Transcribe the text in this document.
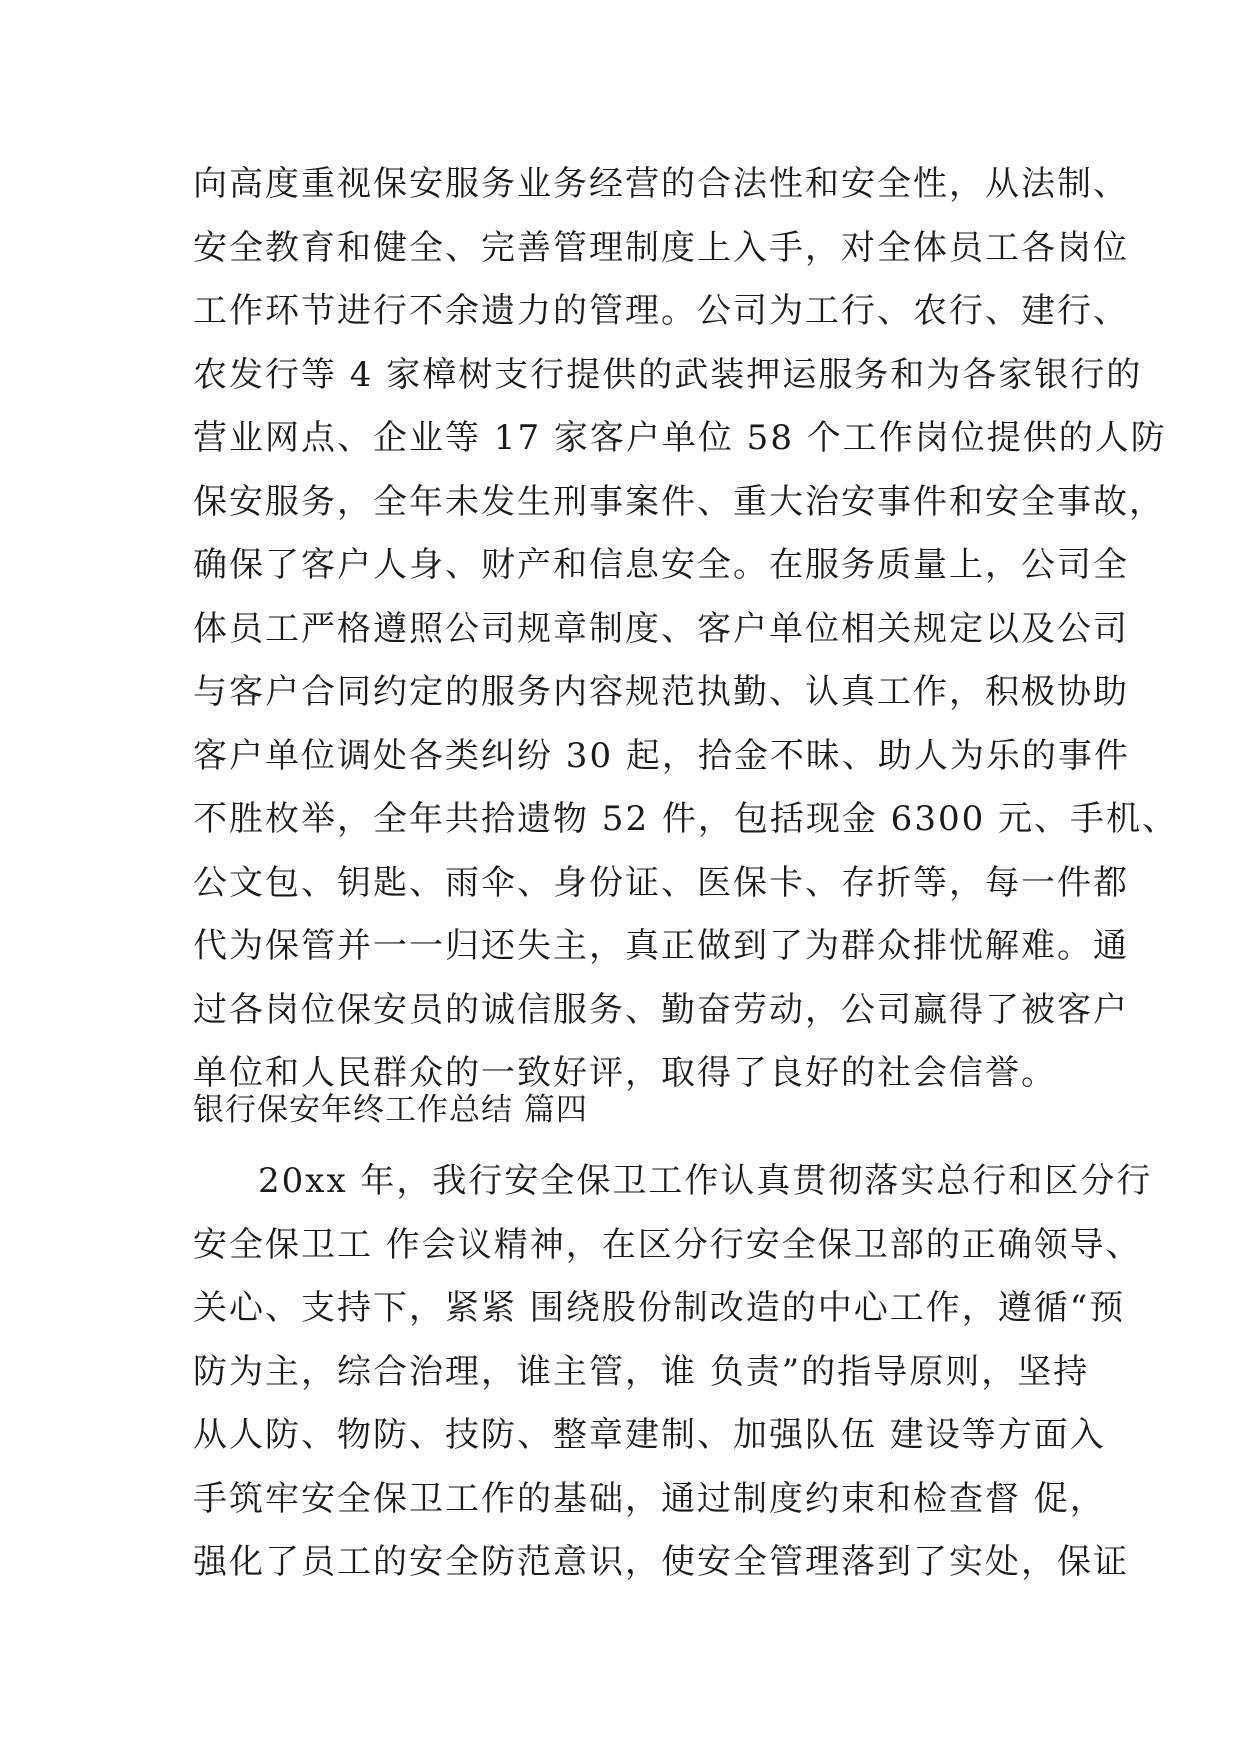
向高度重视保安服务业务经营的合法性和安全性，从法制、
安全教育和健全、完善管理制度上入手，对全体员工各岗位
工作环节进行不余遗力的管理。公司为工行、农行、建行、
农发行等 4 家樟树支行提供的武装押运服务和为各家银行的
营业网点、企业等 17 家客户单位 58 个工作岗位提供的人防
保安服务，全年未发生刑事案件、重大治安事件和安全事故，
确保了客户人身、财产和信息安全。在服务质量上，公司全
体员工严格遵照公司规章制度、客户单位相关规定以及公司
与客户合同约定的服务内容规范执勤、认真工作，积极协助
客户单位调处各类纠纷 30 起，拾金不昧、助人为乐的事件
不胜枚举，全年共拾遗物 52 件，包括现金 6300 元、手机、
公文包、钥匙、雨伞、身份证、医保卡、存折等，每一件都
代为保管并一一归还失主，真正做到了为群众排忧解难。通
过各岗位保安员的诚信服务、勤奋劳动，公司赢得了被客户
单位和人民群众的一致好评，取得了良好的社会信誉。
银行保安年终工作总结 篇四
20xx 年，我行安全保卫工作认真贯彻落实总行和区分行
安全保卫工 作会议精神，在区分行安全保卫部的正确领导、
关心、支持下，紧紧 围绕股份制改造的中心工作，遵循“预
防为主，综合治理，谁主管，谁 负责”的指导原则，坚持
从人防、物防、技防、整章建制、加强队伍 建设等方面入
手筑牢安全保卫工作的基础，通过制度约束和检查督 促，
强化了员工的安全防范意识，使安全管理落到了实处，保证
